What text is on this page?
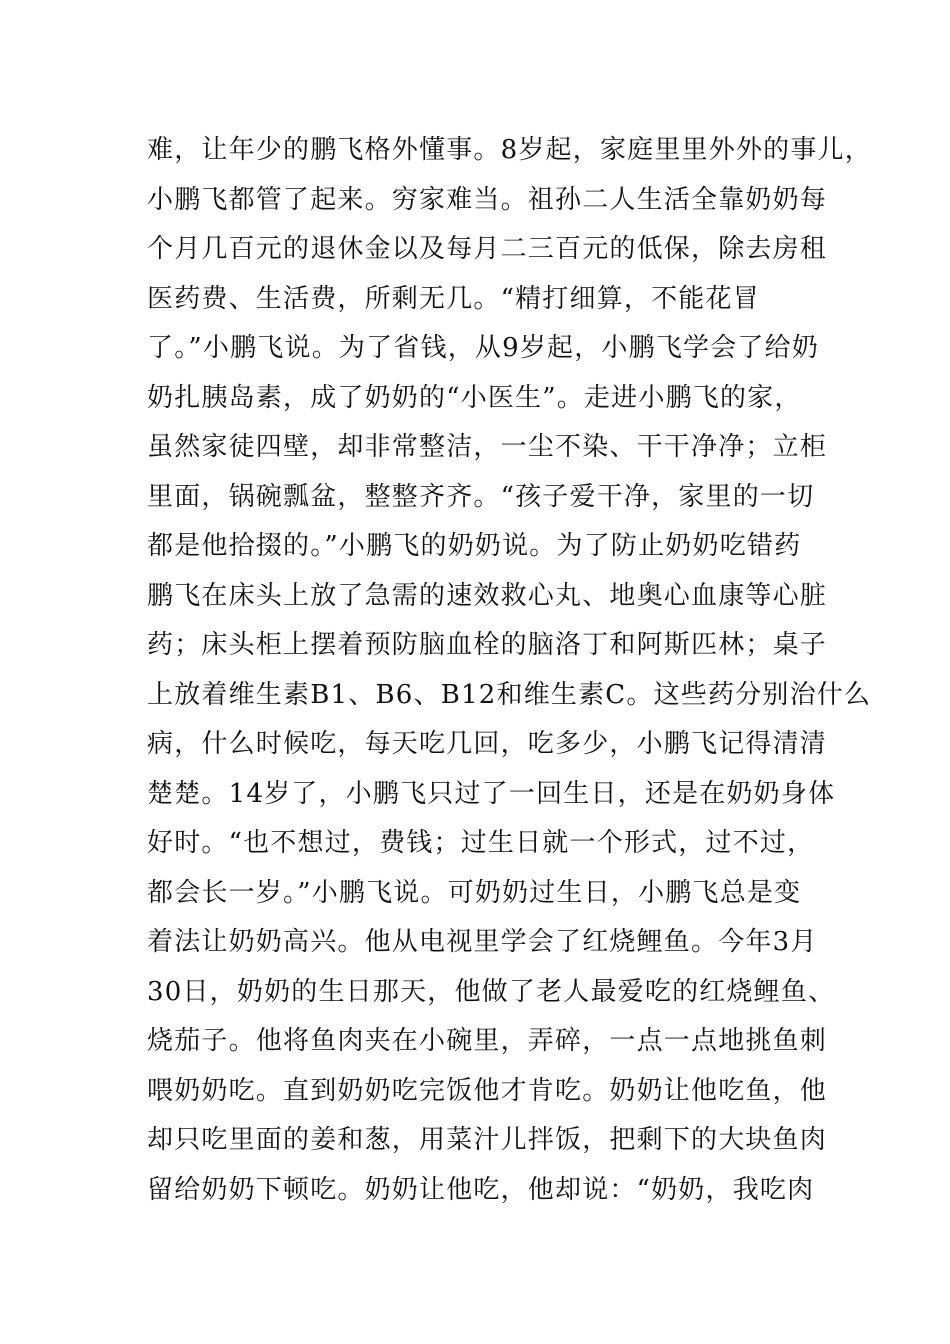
难，让年少的鹏飞格外懂事。8岁起，家庭里里外外的事儿，
小鹏飞都管了起来。穷家难当。祖孙二人生活全靠奶奶每
个月几百元的退休金以及每月二三百元的低保，除去房租
医药费、生活费，所剩无几。“精打细算，不能花冒
了。”小鹏飞说。为了省钱，从9岁起，小鹏飞学会了给奶
奶扎胰岛素，成了奶奶的“小医生”。走进小鹏飞的家，
虽然家徒四壁，却非常整洁，一尘不染、干干净净；立柜
里面，锅碗瓢盆，整整齐齐。“孩子爱干净，家里的一切
都是他拾掇的。”小鹏飞的奶奶说。为了防止奶奶吃错药
鹏飞在床头上放了急需的速效救心丸、地奥心血康等心脏
药；床头柜上摆着预防脑血栓的脑洛丁和阿斯匹林；桌子
上放着维生素B1、B6、B12和维生素C。这些药分别治什么
病，什么时候吃，每天吃几回，吃多少，小鹏飞记得清清
楚楚。14岁了，小鹏飞只过了一回生日，还是在奶奶身体
好时。“也不想过，费钱；过生日就一个形式，过不过，
都会长一岁。”小鹏飞说。可奶奶过生日，小鹏飞总是变
着法让奶奶高兴。他从电视里学会了红烧鲤鱼。今年3月
30日，奶奶的生日那天，他做了老人最爱吃的红烧鲤鱼、
烧茄子。他将鱼肉夹在小碗里，弄碎，一点一点地挑鱼刺
喂奶奶吃。直到奶奶吃完饭他才肯吃。奶奶让他吃鱼，他
却只吃里面的姜和葱，用菜汁儿拌饭，把剩下的大块鱼肉
留给奶奶下顿吃。奶奶让他吃，他却说：“奶奶，我吃肉
